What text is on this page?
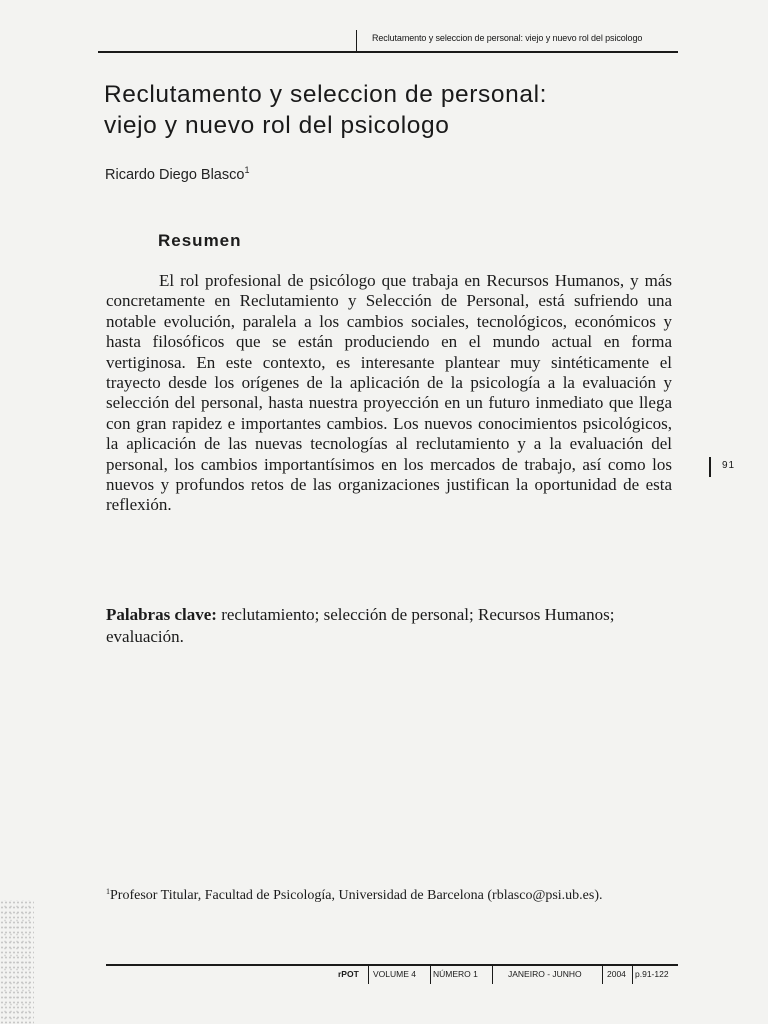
Reclutamento y seleccion de personal: viejo y nuevo rol del psicologo
Reclutamento y seleccion de personal:
viejo y nuevo rol del psicologo
Ricardo Diego Blasco$^1$
Resumen

El rol profesional de psicólogo que trabaja en Recursos Humanos, y más concretamente en Reclutamiento y Selección de Personal, está sufriendo una notable evolución, paralela a los cambios sociales, tecnológicos, económicos y hasta filosóficos que se están produciendo en el mundo actual en forma vertiginosa. En este contexto, es interesante plantear muy sintéticamente el trayecto desde los orígenes de la aplicación de la psicología a la evaluación y selección del personal, hasta nuestra proyección en un futuro inmediato que llega con gran rapidez e importantes cambios. Los nuevos conocimientos psicológicos, la aplicación de las nuevas tecnologías al reclutamiento y a la evaluación del personal, los cambios importantísimos en los mercados de trabajo, así como los nuevos y profundos retos de las organizaciones justifican la oportunidad de esta reflexión.

Palabras clave: reclutamiento; selección de personal; Recursos Humanos; evaluación.

91

$^1$Profesor Titular, Facultad de Psicología, Universidad de Barcelona (rblasco@psi.ub.es).

rPOT VOLUME 4 NÚMERO 1	JANEIRO - JUNHO	2004 p.91-122
